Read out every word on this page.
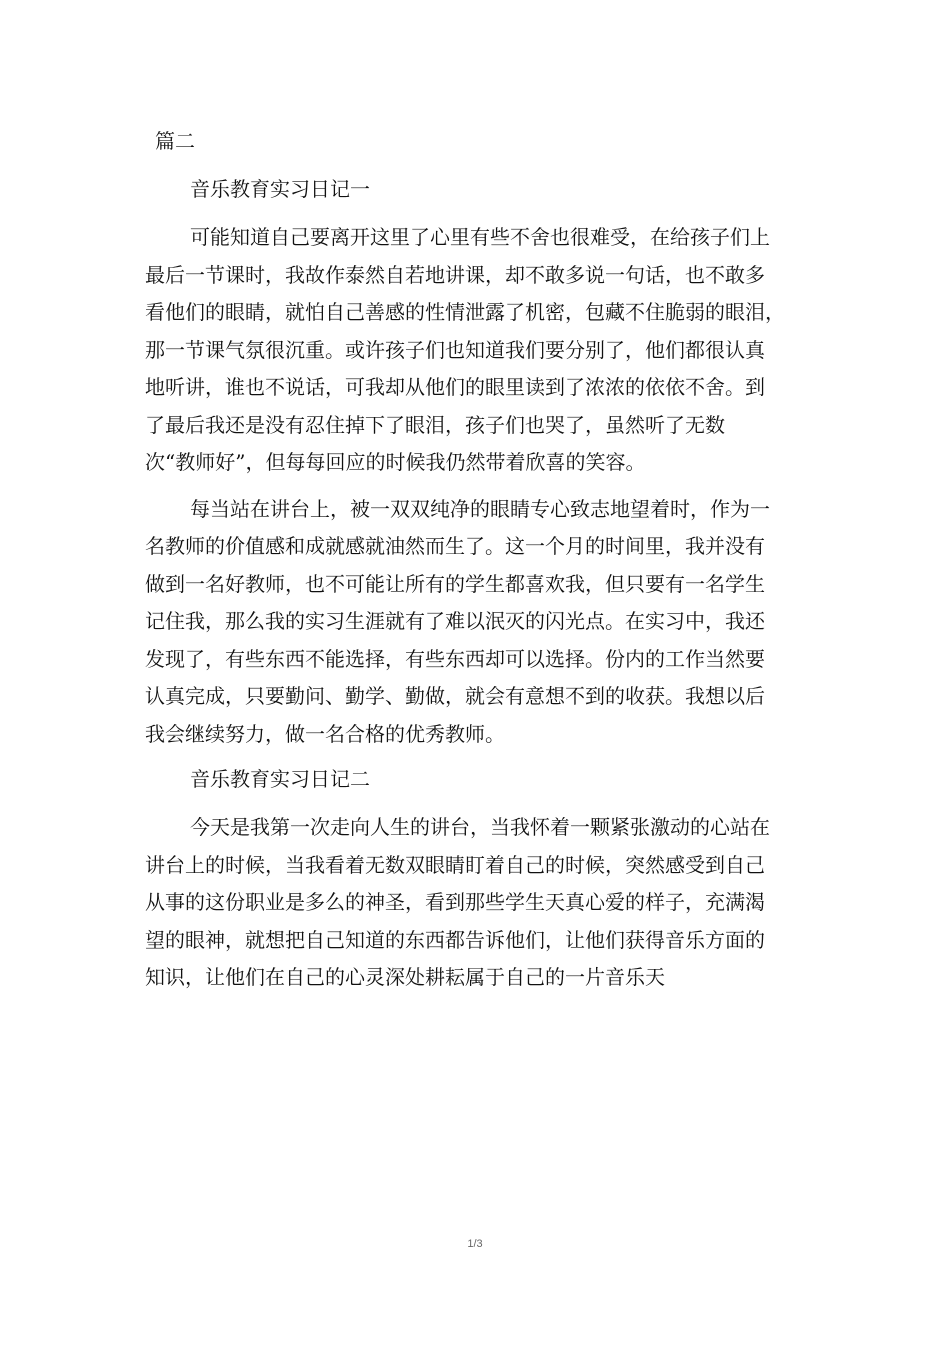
篇二

音乐教育实习日记一

可能知道自己要离开这里了心里有些不舍也很难受，在给孩子们上
最后一节课时，我故作泰然自若地讲课，却不敢多说一句话，也不敢多
看他们的眼睛，就怕自己善感的性情泄露了机密，包藏不住脆弱的眼泪，
那一节课气氛很沉重。或许孩子们也知道我们要分别了，他们都很认真
地听讲，谁也不说话，可我却从他们的眼里读到了浓浓的依依不舍。到
了最后我还是没有忍住掉下了眼泪，孩子们也哭了，虽然听了无数
次“教师好”，但每每回应的时候我仍然带着欣喜的笑容。

每当站在讲台上，被一双双纯净的眼睛专心致志地望着时，作为一
名教师的价值感和成就感就油然而生了。这一个月的时间里，我并没有
做到一名好教师，也不可能让所有的学生都喜欢我，但只要有一名学生
记住我，那么我的实习生涯就有了难以泯灭的闪光点。在实习中，我还
发现了，有些东西不能选择，有些东西却可以选择。份内的工作当然要
认真完成，只要勤问、勤学、勤做，就会有意想不到的收获。我想以后
我会继续努力，做一名合格的优秀教师。

音乐教育实习日记二

今天是我第一次走向人生的讲台，当我怀着一颗紧张激动的心站在
讲台上的时候，当我看着无数双眼睛盯着自己的时候，突然感受到自己
从事的这份职业是多么的神圣，看到那些学生天真心爱的样子，充满渴
望的眼神，就想把自己知道的东西都告诉他们，让他们获得音乐方面的
知识，让他们在自己的心灵深处耕耘属于自己的一片音乐天

1/3
